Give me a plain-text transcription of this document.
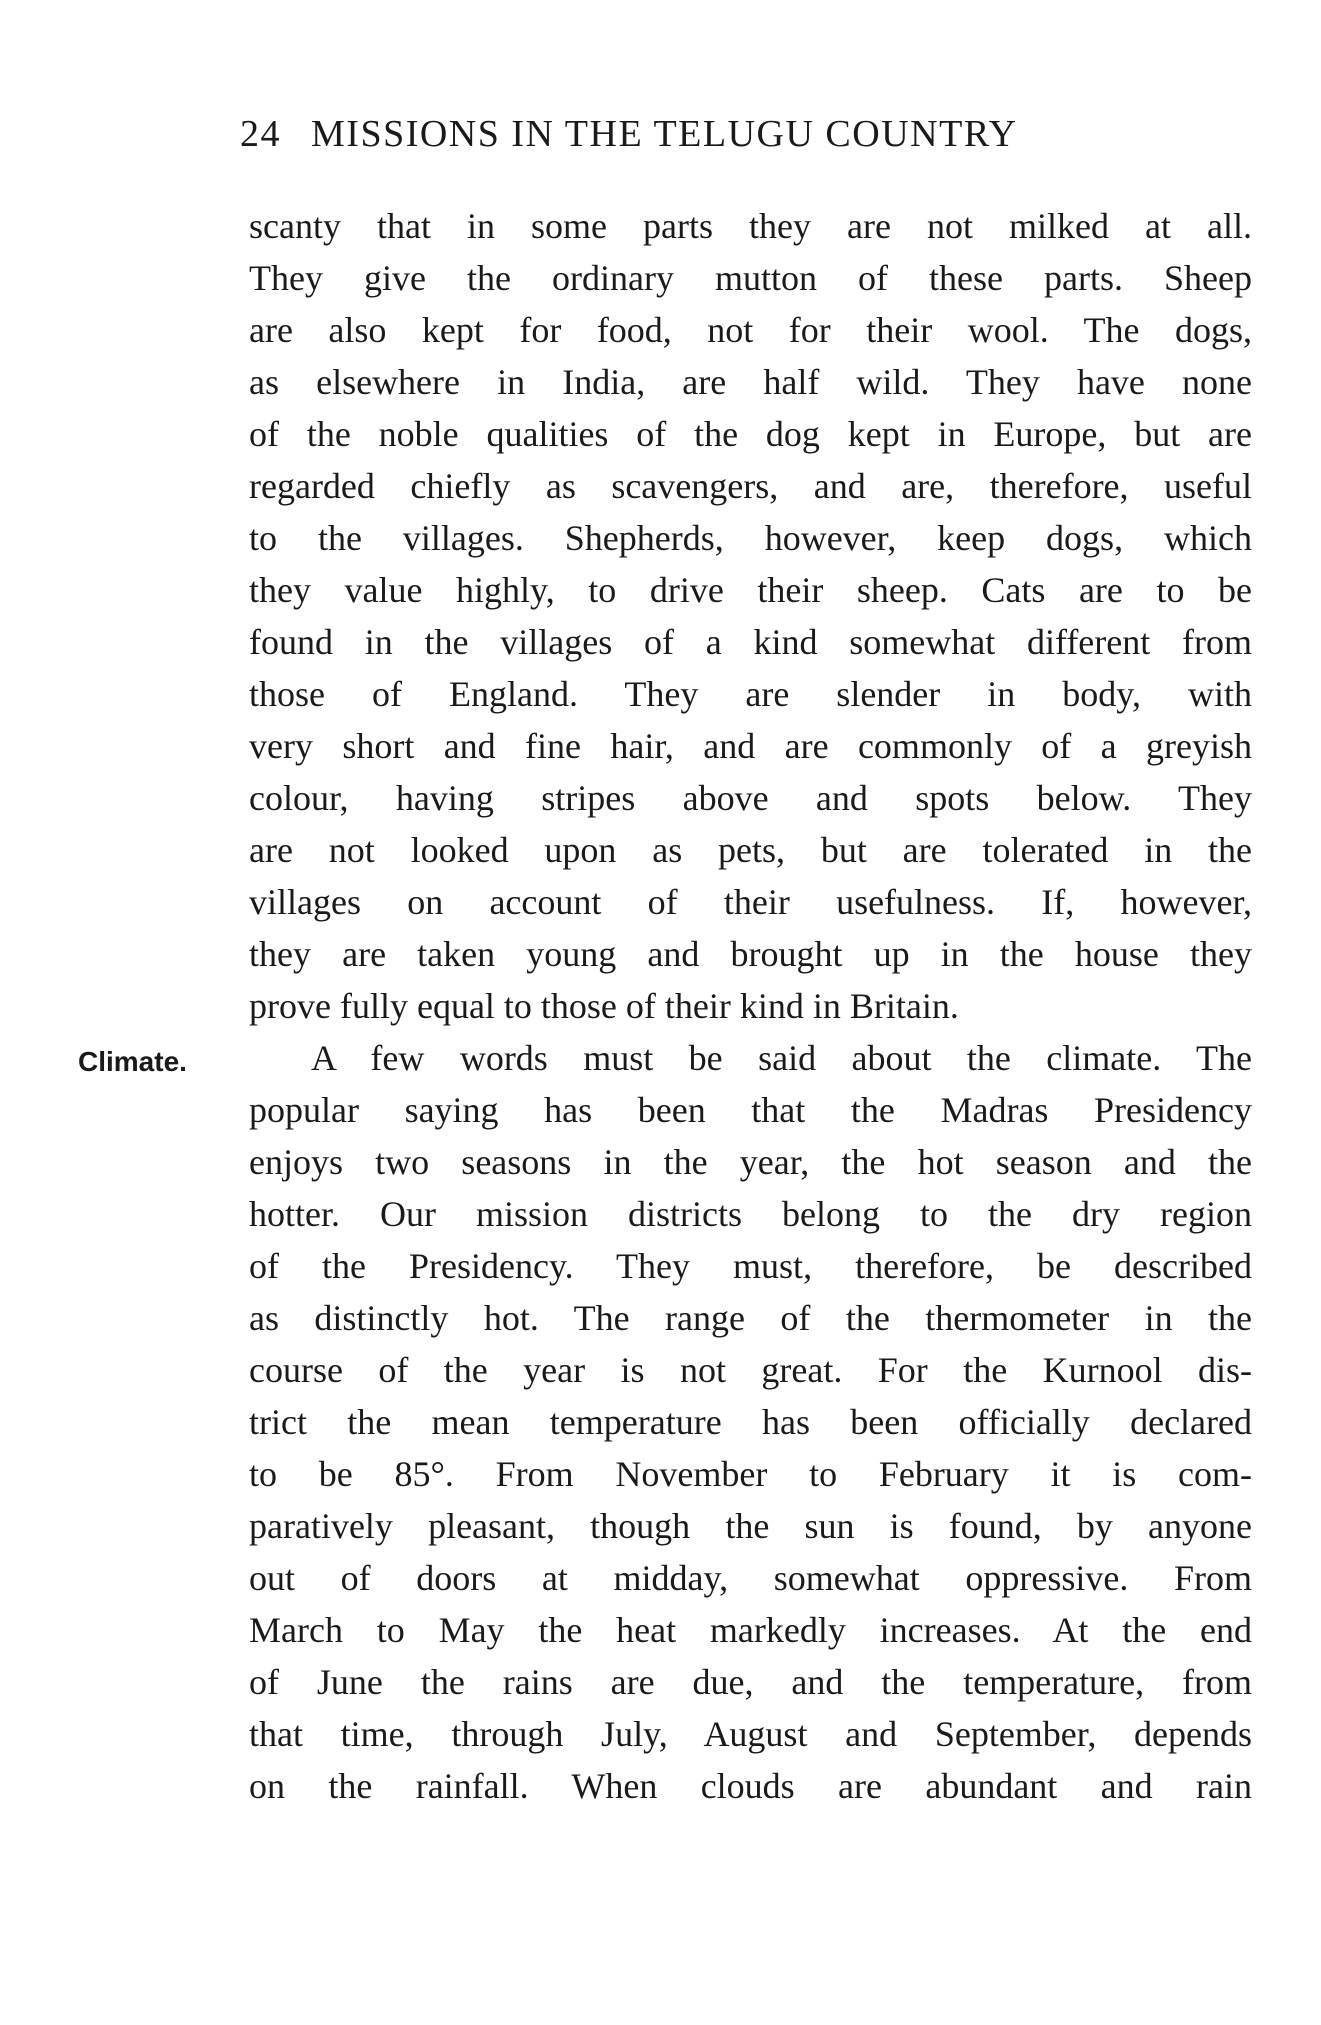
24 MISSIONS IN THE TELUGU COUNTRY
scanty that in some parts they are not milked at all.
They give the ordinary mutton of these parts. Sheep
are also kept for food, not for their wool. The dogs,
as elsewhere in India, are half wild. They have none
of the noble qualities of the dog kept in Europe, but are
regarded chiefly as scavengers, and are, therefore, useful
to the villages. Shepherds, however, keep dogs, which
they value highly, to drive their sheep. Cats are to be
found in the villages of a kind somewhat different from
those of England. They are slender in body, with
very short and fine hair, and are commonly of a greyish
colour, having stripes above and spots below. They
are not looked upon as pets, but are tolerated in the
villages on account of their usefulness. If, however,
they are taken young and brought up in the house they
prove fully equal to those of their kind in Britain.
Climate.	A few words must be said about the climate. The
popular saying has been that the Madras Presidency
enjoys two seasons in the year, the hot season and the
hotter. Our mission districts belong to the dry region
of the Presidency. They must, therefore, be described
as distinctly hot. The range of the thermometer in the
course of the year is not great. For the Kurnool dis-
trict the mean temperature has been officially declared
to be 85°. From November to February it is com-
paratively pleasant, though the sun is found, by anyone
out of doors at midday, somewhat oppressive. From
March to May the heat markedly increases. At the end
of June the rains are due, and the temperature, from
that time, through July, August and September, depends
on the rainfall. When clouds are abundant and rain
